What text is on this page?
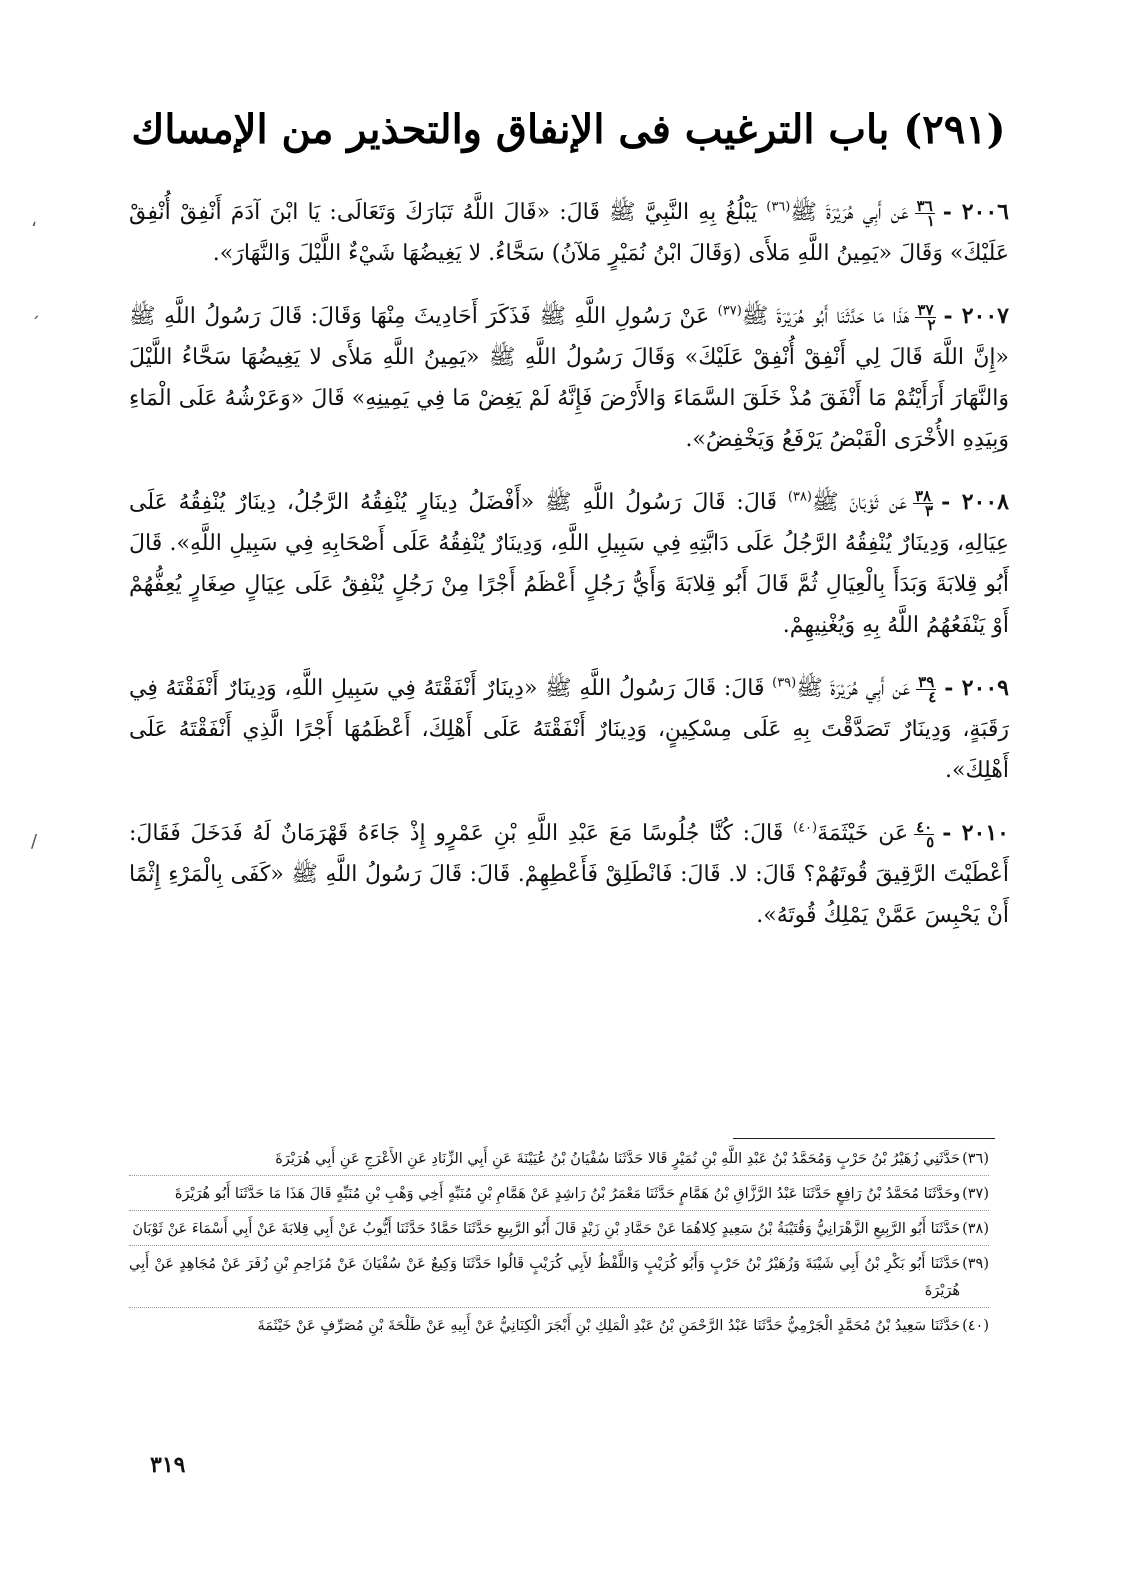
(٢٩١) باب الترغيب فى الإنفاق والتحذير من الإمساك

،	٢٠٠٦ -
٣٦
١
عَن أَبِي هُرَيْرَةَ ﷺ$^{(٣٦)}$ يَبْلُغُ بِهِ النَّبِيَّ ﷺ قَالَ: «قَالَ اللَّهُ تَبَارَكَ وَتَعَالَى: يَا ابْنَ آدَمَ أَنْفِقْ أُنْفِقْ عَلَيْكَ» وَقَالَ «يَمِينُ اللَّهِ مَلأَى (وَقَالَ ابْنُ نُمَيْرٍ مَلآنُ) سَحَّاءُ. لا يَغِيضُهَا شَيْءٌ اللَّيْلَ وَالنَّهَارَ».

ˊ	٢٠٠٧ -
٣٧
٢
هَذَا مَا حَدَّثَنَا أَبُو هُرَيْرَةَ ﷺ$^{(٣٧)}$ عَنْ رَسُولِ اللَّهِ ﷺ فَذَكَرَ أَحَادِيثَ مِنْهَا وَقَالَ: قَالَ رَسُولُ اللَّهِ ﷺ «إِنَّ اللَّهَ قَالَ لِي أَنْفِقْ أُنْفِقْ عَلَيْكَ» وَقَالَ رَسُولُ اللَّهِ ﷺ «يَمِينُ اللَّهِ مَلأَى لا يَغِيضُهَا سَحَّاءُ اللَّيْلَ وَالنَّهَارَ أَرَأَيْتُمْ مَا أَنْفَقَ مُذْ خَلَقَ السَّمَاءَ وَالأَرْضَ فَإِنَّهُ لَمْ يَغِضْ مَا فِي يَمِينِهِ» قَالَ «وَعَرْشُهُ عَلَى الْمَاءِ وَبِيَدِهِ الأُخْرَى الْقَبْضُ يَرْفَعُ وَيَخْفِضُ».

٢٠٠٨ -
٣٨
٣
عَن ثَوْبَانَ ﷺ$^{(٣٨)}$ قَالَ: قَالَ رَسُولُ اللَّهِ ﷺ «أَفْضَلُ دِينَارٍ يُنْفِقُهُ الرَّجُلُ، دِينَارٌ يُنْفِقُهُ عَلَى عِيَالِهِ، وَدِينَارٌ يُنْفِقُهُ الرَّجُلُ عَلَى دَابَّتِهِ فِي سَبِيلِ اللَّهِ، وَدِينَارٌ يُنْفِقُهُ عَلَى أَصْحَابِهِ فِي سَبِيلِ اللَّهِ». قَالَ أَبُو قِلابَةَ وَبَدَأَ بِالْعِيَالِ ثُمَّ قَالَ أَبُو قِلابَةَ وَأَيُّ رَجُلٍ أَعْظَمُ أَجْرًا مِنْ رَجُلٍ يُنْفِقُ عَلَى عِيَالٍ صِغَارٍ يُعِفُّهُمْ أَوْ يَنْفَعُهُمُ اللَّهُ بِهِ وَيُغْنِيهِمْ.

٢٠٠٩ -
٣٩
٤
عَن أَبِي هُرَيْرَةَ ﷺ$^{(٣٩)}$ قَالَ: قَالَ رَسُولُ اللَّهِ ﷺ «دِينَارٌ أَنْفَقْتَهُ فِي سَبِيلِ اللَّهِ، وَدِينَارٌ أَنْفَقْتَهُ فِي رَقَبَةٍ، وَدِينَارٌ تَصَدَّقْتَ بِهِ عَلَى مِسْكِينٍ، وَدِينَارٌ أَنْفَقْتَهُ عَلَى أَهْلِكَ، أَعْظَمُهَا أَجْرًا الَّذِي أَنْفَقْتَهُ عَلَى أَهْلِكَ».

/	٢٠١٠ -
٤٠
٥
عَن خَيْثَمَةَ$^{(٤٠)}$ قَالَ: كُنَّا جُلُوسًا مَعَ عَبْدِ اللَّهِ بْنِ عَمْرٍو إِذْ جَاءَهُ قَهْرَمَانٌ لَهُ فَدَخَلَ فَقَالَ: أَعْطَيْتَ الرَّقِيقَ قُوتَهُمْ؟ قَالَ: لا. قَالَ: فَانْطَلِقْ فَأَعْطِهِمْ. قَالَ: قَالَ رَسُولُ اللَّهِ ﷺ «كَفَى بِالْمَرْءِ إِثْمًا أَنْ يَحْبِسَ عَمَّنْ يَمْلِكُ قُوتَهُ».

(٣٦)
حَدَّثَنِي زُهَيْرُ بْنُ حَرْبٍ وَمُحَمَّدُ بْنُ عَبْدِ اللَّهِ بْنِ نُمَيْرٍ قَالا حَدَّثَنَا سُفْيَانُ بْنُ عُيَيْنَةَ عَنِ أَبِي الزِّنَادِ عَنِ الأَعْرَجِ عَنِ أَبِي هُرَيْرَةَ
(٣٧)
وحَدَّثَنَا مُحَمَّدُ بْنُ رَافِعٍ حَدَّثَنَا عَبْدُ الرَّزَّاقِ بْنُ هَمَّامٍ حَدَّثَنَا مَعْمَرُ بْنُ رَاشِدٍ عَنْ هَمَّامِ بْنِ مُنَبِّهٍ أَخِي وَهْبِ بْنِ مُنَبِّهٍ قَالَ هَذَا مَا حَدَّثَنَا أَبُو هُرَيْرَةَ
(٣٨)
حَدَّثَنَا أَبُو الرَّبِيعِ الزَّهْرَانِيُّ وَقُتَيْبَةُ بْنُ سَعِيدٍ كِلاهُمَا عَنْ حَمَّادِ بْنِ زَيْدٍ قَالَ أَبُو الرَّبِيعِ حَدَّثَنَا حَمَّادٌ حَدَّثَنَا أَيُّوبُ عَنْ أَبِي قِلابَةَ عَنْ أَبِي أَسْمَاءَ عَنْ ثَوْبَانَ
(٣٩)
حَدَّثَنَا أَبُو بَكْرِ بْنُ أَبِي شَيْبَةَ وَزُهَيْرُ بْنُ حَرْبٍ وَأَبُو كُرَيْبٍ وَاللَّفْظُ لأَبِي كُرَيْبٍ قَالُوا حَدَّثَنَا وَكِيعٌ عَنْ سُفْيَانَ عَنْ مُزَاحِمِ بْنِ زُفَرَ عَنْ مُجَاهِدٍ عَنْ أَبِي هُرَيْرَةَ
(٤٠)
حَدَّثَنَا سَعِيدُ بْنُ مُحَمَّدٍ الْجَرْمِيُّ حَدَّثَنَا عَبْدُ الرَّحْمَنِ بْنُ عَبْدِ الْمَلِكِ بْنِ أَبْجَرَ الْكِنَانِيُّ عَنْ أَبِيهِ عَنْ طَلْحَةَ بْنِ مُصَرِّفٍ عَنْ خَيْثَمَةَ
٣١٩
